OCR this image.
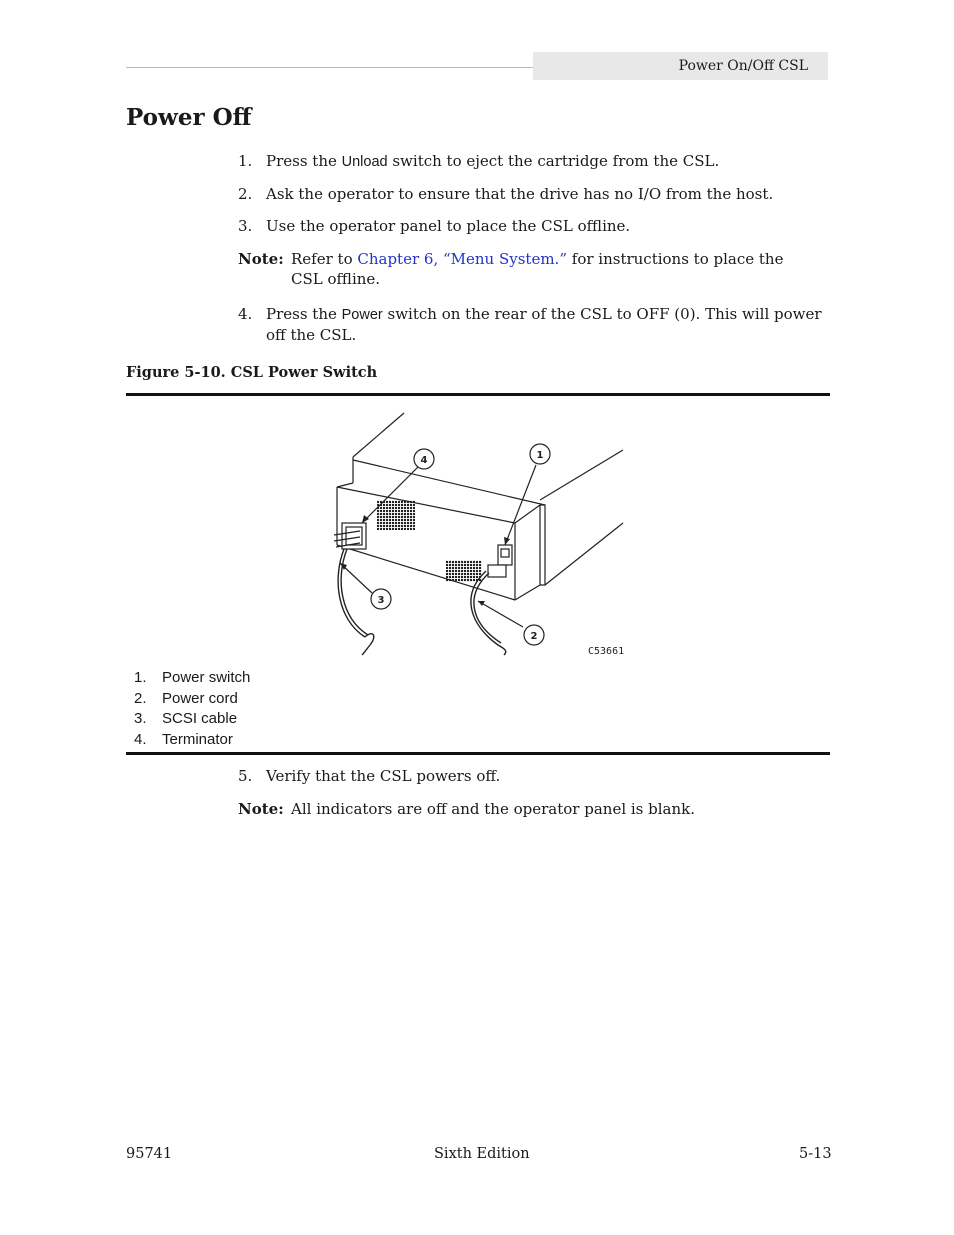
Power On/Off CSL
Power Off
1. Press the Unload switch to eject the cartridge from the CSL.
2. Ask the operator to ensure that the drive has no I/O from the host.
3. Use the operator panel to place the CSL offline.
Note: Refer to Chapter 6, “Menu System.” for instructions to place the CSL offline.
4. Press the Power switch on the rear of the CSL to OFF (0). This will power off the CSL.
Figure 5-10. CSL Power Switch
1
2
3
4
C53661
1. Power switch
2. Power cord
3. SCSI cable
4. Terminator
5. Verify that the CSL powers off.
Note: All indicators are off and the operator panel is blank.
95741	Sixth Edition	5-13
